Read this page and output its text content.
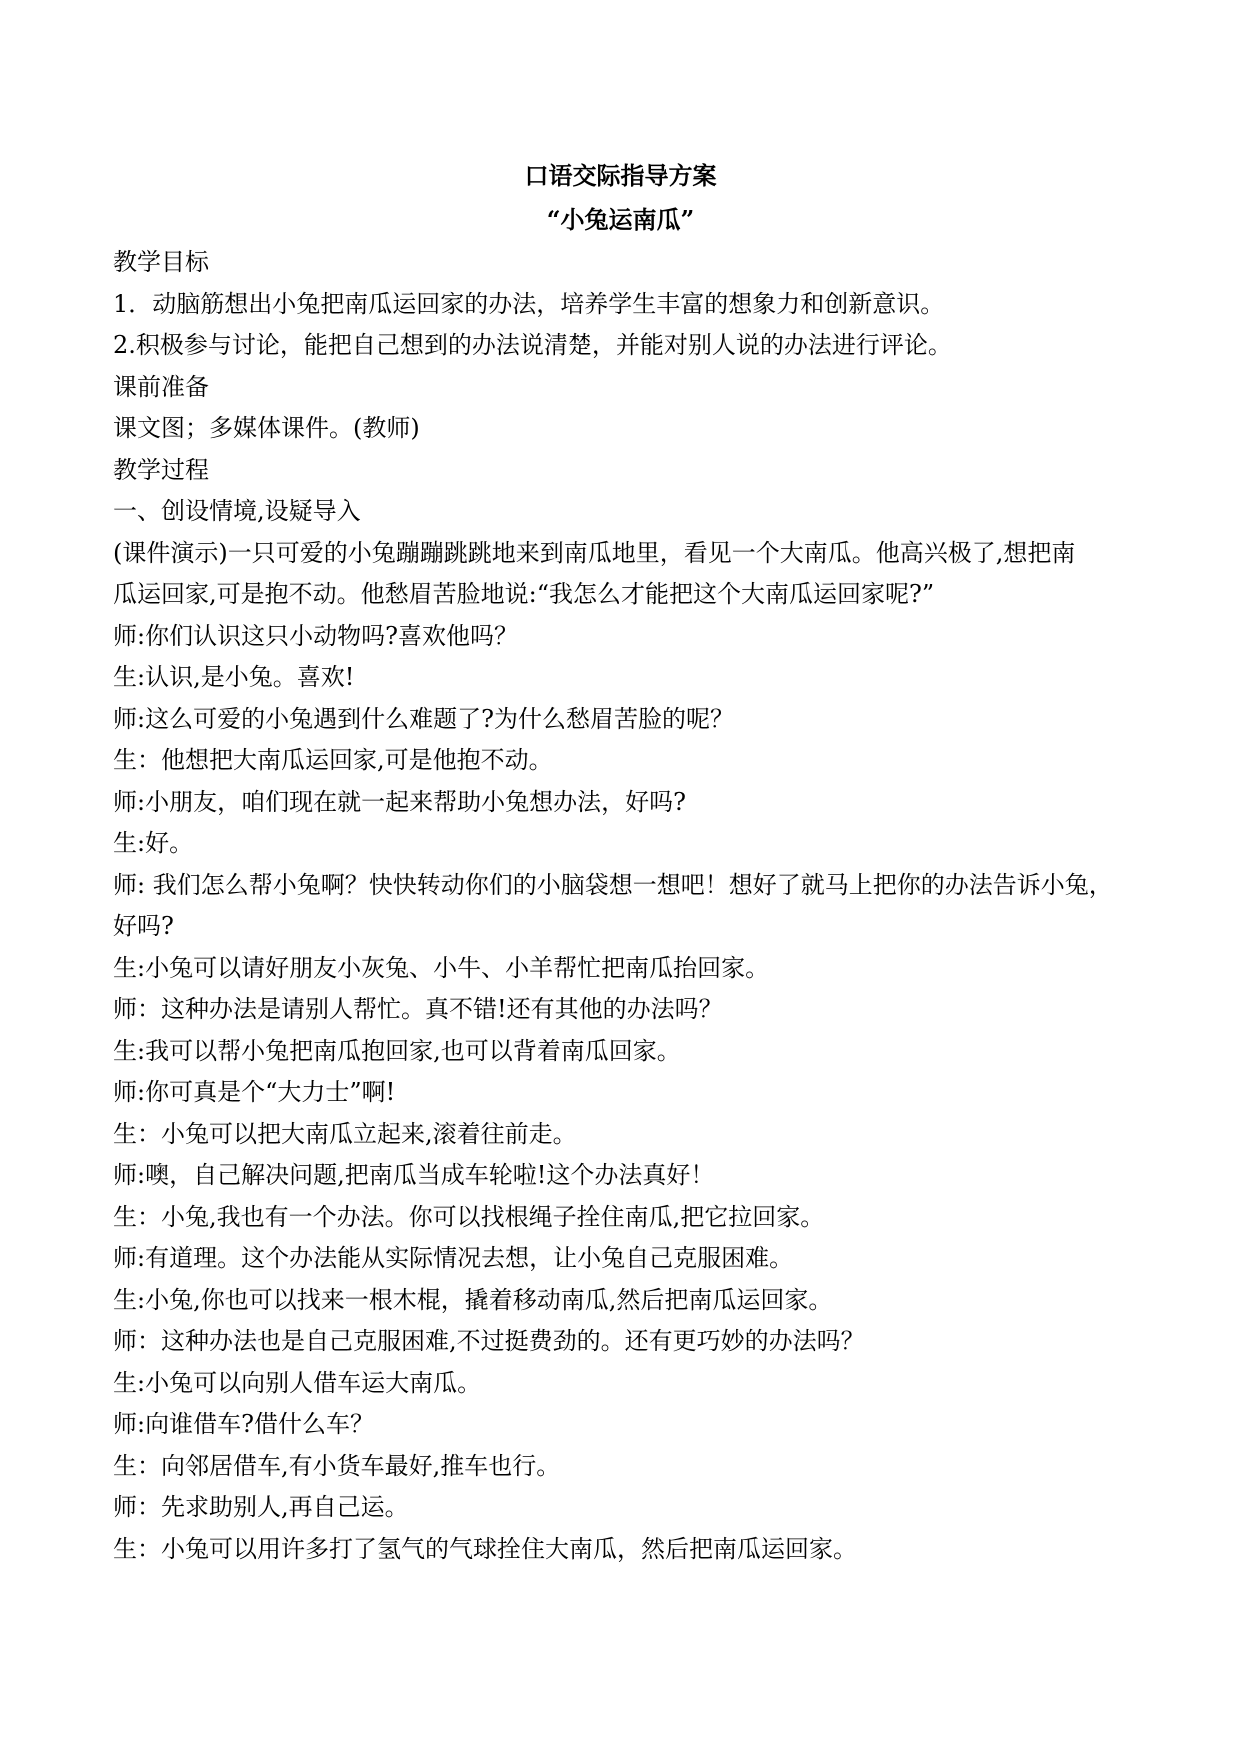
口语交际指导方案
“小兔运南瓜”
教学目标
1．动脑筋想出小兔把南瓜运回家的办法，培养学生丰富的想象力和创新意识。
2.积极参与讨论，能把自己想到的办法说清楚，并能对别人说的办法进行评论。
课前准备
课文图；多媒体课件。(教师)
教学过程
一、创设情境,设疑导入
(课件演示)一只可爱的小兔蹦蹦跳跳地来到南瓜地里，看见一个大南瓜。他高兴极了,想把南
瓜运回家,可是抱不动。他愁眉苦脸地说:“我怎么才能把这个大南瓜运回家呢?”
师:你们认识这只小动物吗?喜欢他吗？
生:认识,是小兔。喜欢!
师:这么可爱的小兔遇到什么难题了?为什么愁眉苦脸的呢？
生：他想把大南瓜运回家,可是他抱不动。
师:小朋友，咱们现在就一起来帮助小兔想办法，好吗?
生:好。
师: 我们怎么帮小兔啊？快快转动你们的小脑袋想一想吧！想好了就马上把你的办法告诉小兔，
好吗?
生:小兔可以请好朋友小灰兔、小牛、小羊帮忙把南瓜抬回家。
师：这种办法是请别人帮忙。真不错!还有其他的办法吗？
生:我可以帮小兔把南瓜抱回家,也可以背着南瓜回家。
师:你可真是个“大力士”啊!
生：小兔可以把大南瓜立起来,滚着往前走。
师:噢，自己解决问题,把南瓜当成车轮啦!这个办法真好！
生：小兔,我也有一个办法。你可以找根绳子拴住南瓜,把它拉回家。
师:有道理。这个办法能从实际情况去想，让小兔自己克服困难。
生:小兔,你也可以找来一根木棍，撬着移动南瓜,然后把南瓜运回家。
师：这种办法也是自己克服困难,不过挺费劲的。还有更巧妙的办法吗？
生:小兔可以向别人借车运大南瓜。
师:向谁借车?借什么车？
生：向邻居借车,有小货车最好,推车也行。
师：先求助别人,再自己运。
生：小兔可以用许多打了氢气的气球拴住大南瓜，然后把南瓜运回家。
